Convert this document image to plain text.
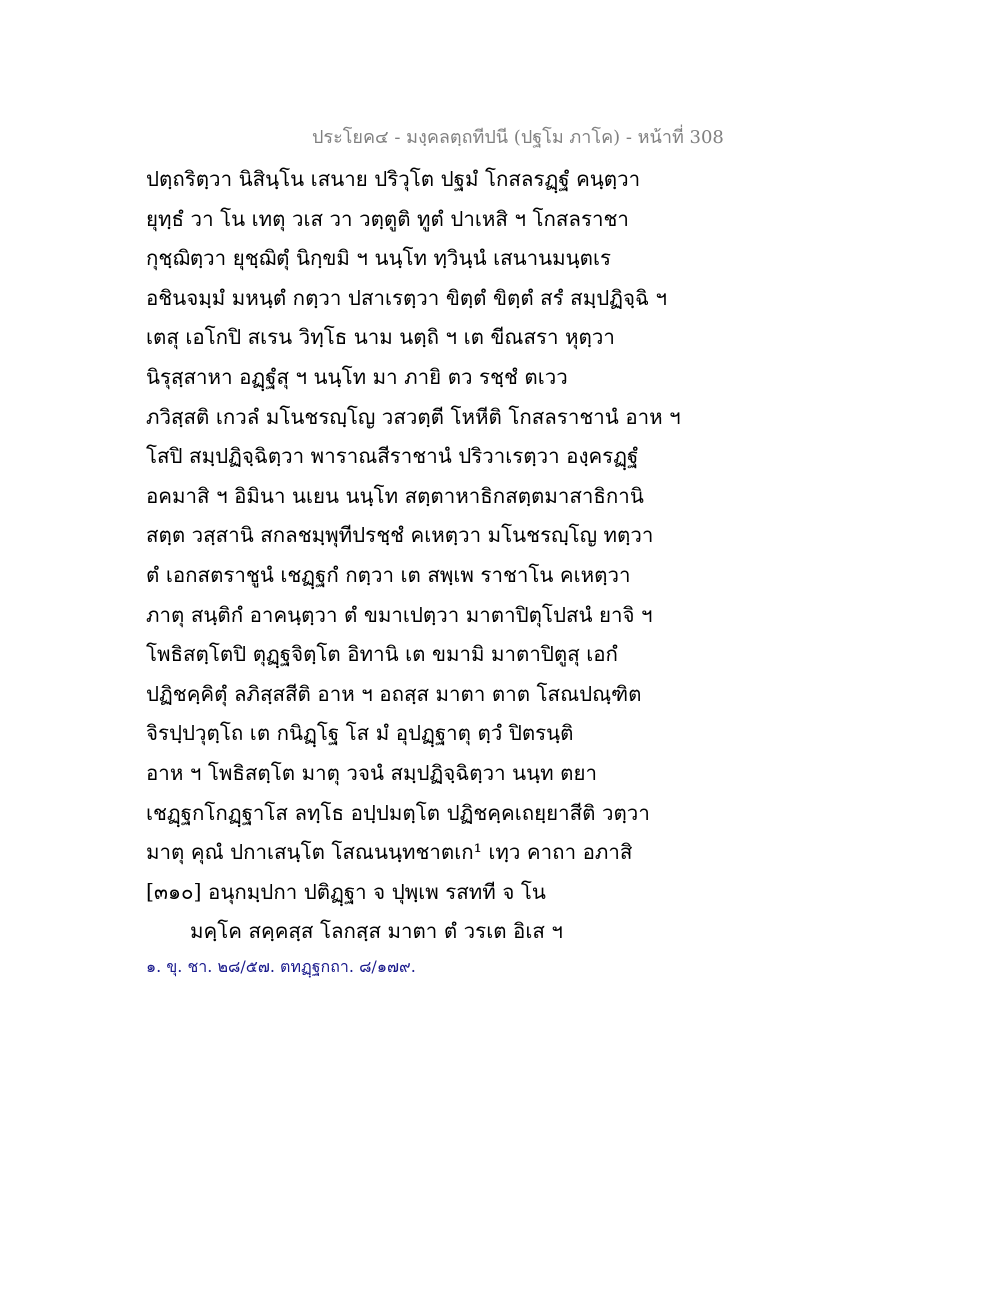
ประโยค๔ - มงฺคลตฺถทีปนี (ปฐโม ภาโค) - หน้าที่ 308
ปตฺถริตฺวา นิสินฺโน เสนาย ปริวุโต ปฐมํ โกสลรฏฺฐํ คนฺตฺวา
ยุทฺธํ วา โน เทตุ วเส วา วตฺตูติ ทูตํ ปาเหสิ ฯ โกสลราชา
กุชฺฌิตฺวา ยุชฺฌิตุํ นิกฺขมิ ฯ นนฺโท ทฺวินฺนํ เสนานมนฺตเร
อชินจมฺมํ มหนฺตํ กตฺวา ปสาเรตฺวา ขิตฺตํ ขิตฺตํ สรํ สมฺปฏิจฺฉิ ฯ
เตสุ เอโกปิ สเรน วิทฺโธ นาม นตฺถิ ฯ เต ขีณสรา หุตฺวา
นิรุสฺสาหา อฏฺฐํสุ ฯ นนฺโท มา ภายิ ตว รชฺชํ ตเวว
ภวิสฺสติ เกวลํ มโนชรญฺโญ วสวตฺตี โหหีติ โกสลราชานํ อาห ฯ
โสปิ สมฺปฏิจฺฉิตฺวา พาราณสีราชานํ ปริวาเรตฺวา องฺครฏฺฐํ
อคมาสิ ฯ อิมินา นเยน นนฺโท สตฺตาหาธิกสตฺตมาสาธิกานิ
สตฺต วสฺสานิ สกลชมฺพุทีปรชฺชํ คเหตฺวา มโนชรญฺโญ ทตฺวา
ตํ เอกสตราชูนํ เชฏฺฐกํ กตฺวา เต สพฺเพ ราชาโน คเหตฺวา
ภาตุ สนฺติกํ อาคนฺตฺวา ตํ ขมาเปตฺวา มาตาปิตุโปสนํ ยาจิ ฯ
โพธิสตฺโตปิ ตุฏฺฐจิตฺโต อิทานิ เต ขมามิ มาตาปิตูสุ เอกํ
ปฏิชคฺคิตุํ ลภิสฺสสีติ อาห ฯ อถสฺส มาตา ตาต โสณปณฺฑิต
จิรปฺปวุตฺโถ เต กนิฏฺโฐ โส มํ อุปฏฺฐาตุ ตฺวํ ปิตรนฺติ
อาห ฯ โพธิสตฺโต มาตุ วจนํ สมฺปฏิจฺฉิตฺวา นนฺท ตยา
เชฏฺฐกโกฏฺฐาโส ลทฺโธ อปฺปมตฺโต ปฏิชคฺคเถยฺยาสีติ วตฺวา
มาตุ คุณํ ปกาเสนฺโต โสณนนฺทชาตเก¹ เทฺว คาถา อภาสิ
[๓๑๐] อนุกมฺปกา ปติฏฺฐา จ ปุพฺเพ รสทที จ โน
มคฺโค สคฺคสฺส โลกสฺส มาตา ตํ วรเต อิเส ฯ
๑. ขุ. ชา. ๒๘/๕๗. ตทฏฺฐกถา. ๘/๑๗๙.
